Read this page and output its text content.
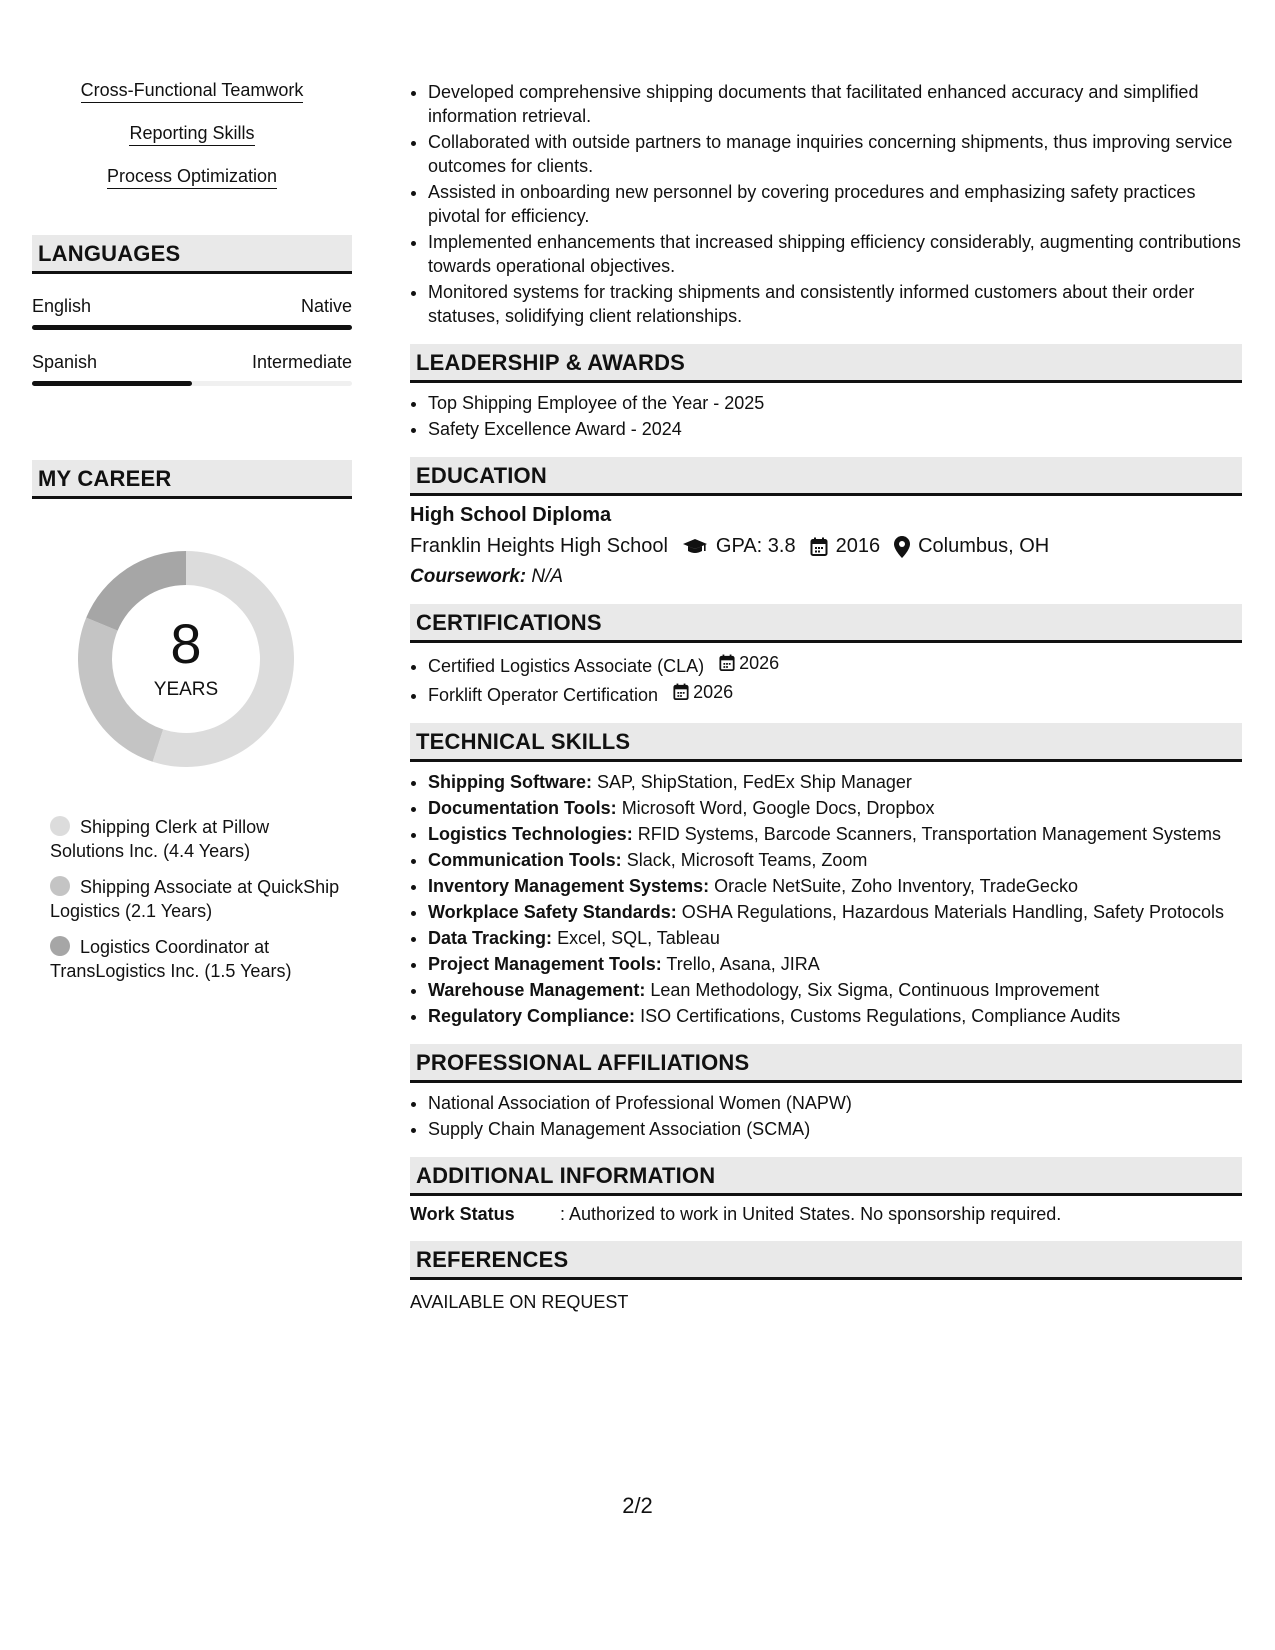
Cross-Functional Teamwork
Reporting Skills
Process Optimization
LANGUAGES
English	Native
Spanish	Intermediate
MY CAREER
8
YEARS
Shipping Clerk at Pillow Solutions Inc. (4.4 Years)
Shipping Associate at QuickShip Logistics (2.1 Years)
Logistics Coordinator at TransLogistics Inc. (1.5 Years)
• Developed comprehensive shipping documents that facilitated enhanced accuracy and simplified information retrieval.
• Collaborated with outside partners to manage inquiries concerning shipments, thus improving service outcomes for clients.
• Assisted in onboarding new personnel by covering procedures and emphasizing safety practices pivotal for efficiency.
• Implemented enhancements that increased shipping efficiency considerably, augmenting contributions towards operational objectives.
• Monitored systems for tracking shipments and consistently informed customers about their order statuses, solidifying client relationships.
LEADERSHIP & AWARDS
• Top Shipping Employee of the Year - 2025
• Safety Excellence Award - 2024
EDUCATION
High School Diploma
Franklin Heights High School GPA: 3.8 2016 Columbus, OH
Coursework: N/A
CERTIFICATIONS
• Certified Logistics Associate (CLA) 2026
• Forklift Operator Certification 2026
TECHNICAL SKILLS
• Shipping Software: SAP, ShipStation, FedEx Ship Manager
• Documentation Tools: Microsoft Word, Google Docs, Dropbox
• Logistics Technologies: RFID Systems, Barcode Scanners, Transportation Management Systems
• Communication Tools: Slack, Microsoft Teams, Zoom
• Inventory Management Systems: Oracle NetSuite, Zoho Inventory, TradeGecko
• Workplace Safety Standards: OSHA Regulations, Hazardous Materials Handling, Safety Protocols
• Data Tracking: Excel, SQL, Tableau
• Project Management Tools: Trello, Asana, JIRA
• Warehouse Management: Lean Methodology, Six Sigma, Continuous Improvement
• Regulatory Compliance: ISO Certifications, Customs Regulations, Compliance Audits
PROFESSIONAL AFFILIATIONS
• National Association of Professional Women (NAPW)
• Supply Chain Management Association (SCMA)
ADDITIONAL INFORMATION
Work Status	: Authorized to work in United States. No sponsorship required.
REFERENCES
AVAILABLE ON REQUEST
2/2
